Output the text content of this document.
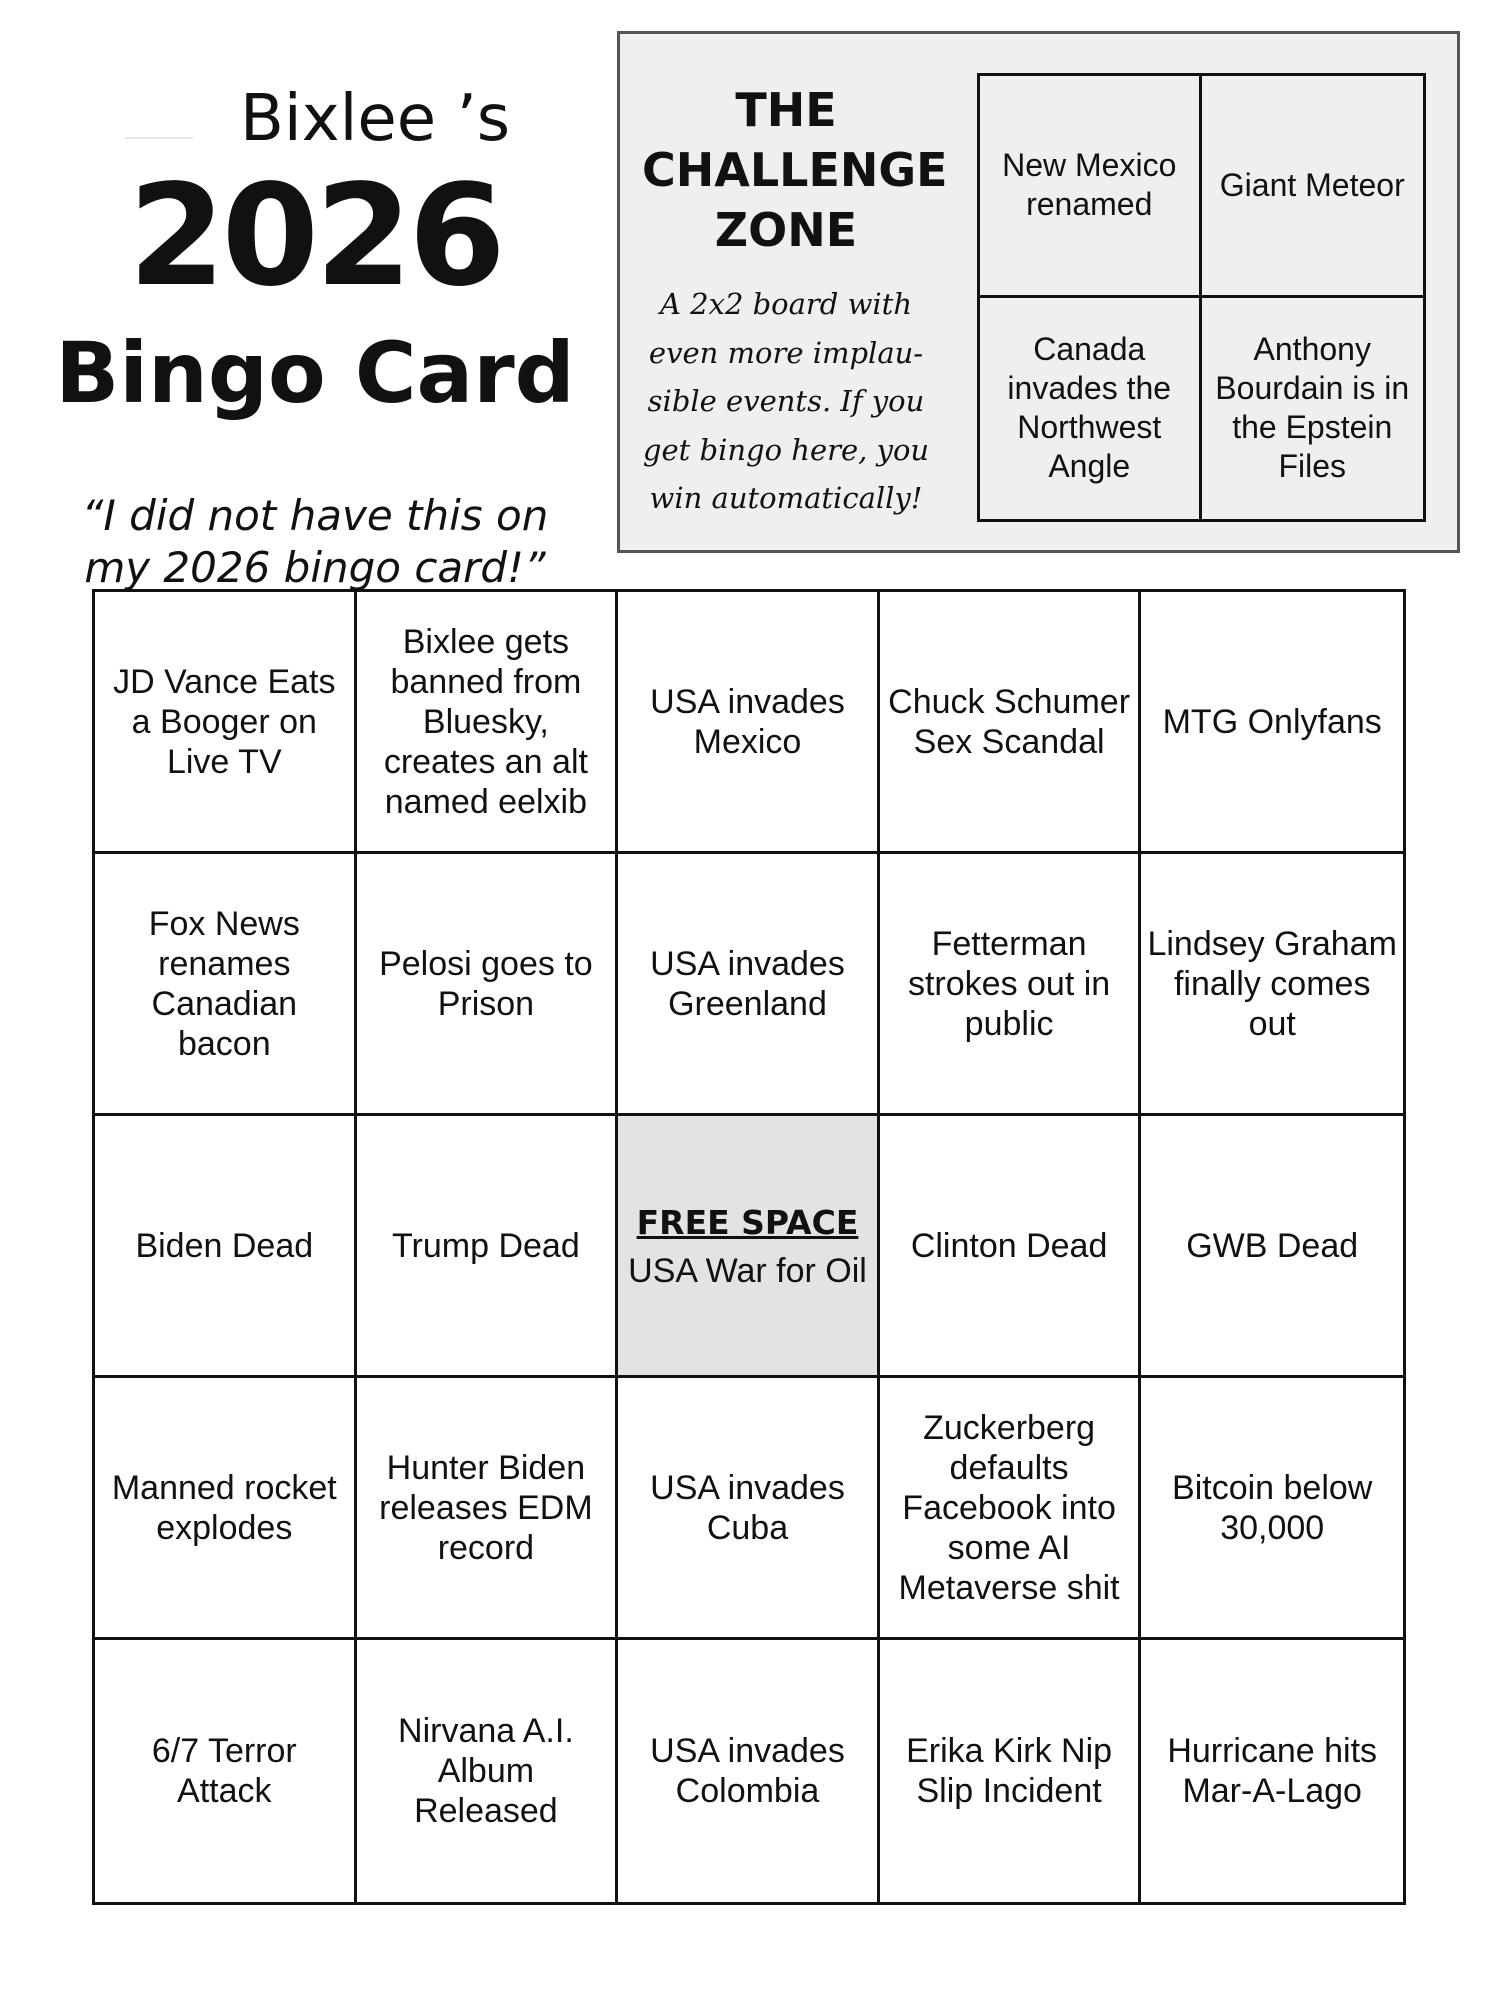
Bixlee ’s
2026
Bingo Card
“I did not have this on my 2026 bingo card!”
THE CHALLENGE ZONE
A 2x2 board with even more implau-sible events. If you get bingo here, you win automatically!
New Mexico renamed
Giant Meteor
Canada invades the Northwest Angle
Anthony Bourdain is in the Epstein Files
JD Vance Eats a Booger on Live TV
Bixlee gets banned from Bluesky, creates an alt named eelxib
USA invades Mexico
Chuck Schumer Sex Scandal
MTG Onlyfans
Fox News renames Canadian bacon
Pelosi goes to Prison
USA invades Greenland
Fetterman strokes out in public
Lindsey Graham finally comes out
Biden Dead	Trump Dead
FREE SPACE
USA War for Oil
Clinton Dead	GWB Dead
Manned rocket explodes
Hunter Biden releases EDM record
USA invades Cuba
Zuckerberg defaults Facebook into some AI Metaverse shit
Bitcoin below 30,000
6/7 Terror Attack
Nirvana A.I. Album Released
USA invades Colombia
Erika Kirk Nip Slip Incident
Hurricane hits Mar-A-Lago
